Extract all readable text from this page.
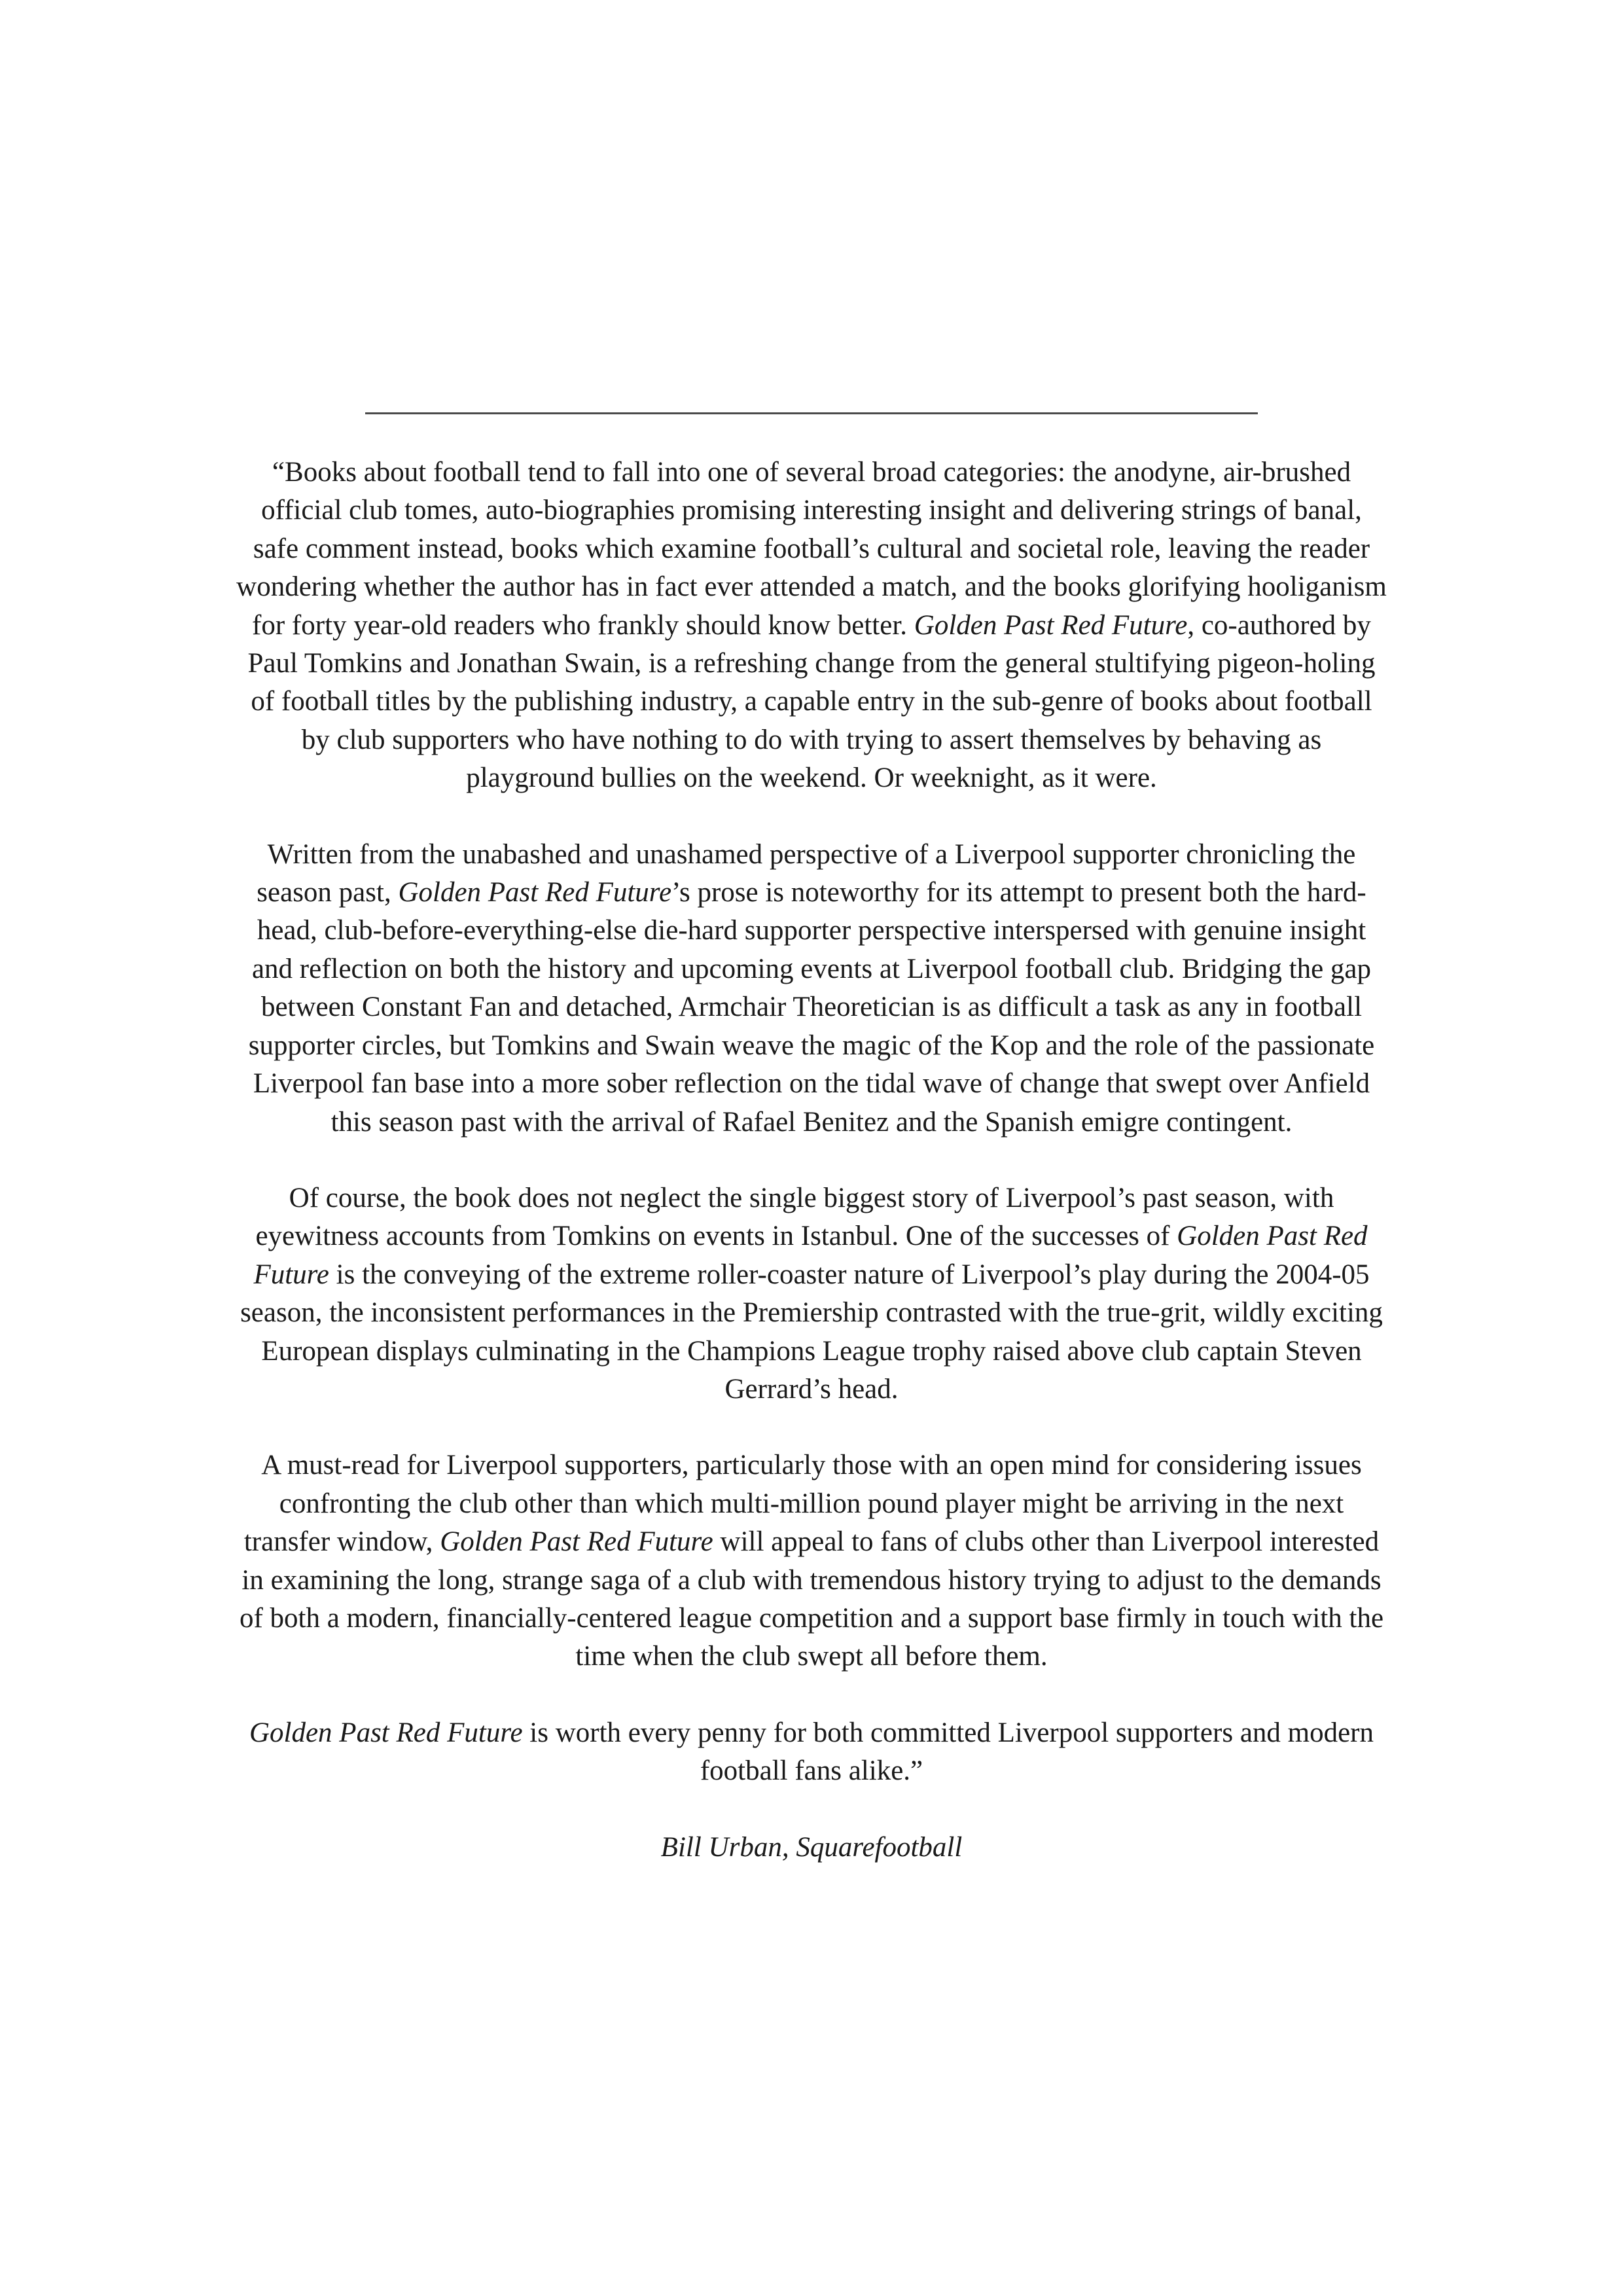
“Books about football tend to fall into one of several broad categories: the anodyne, air-brushed official club tomes, auto-biographies promising interesting insight and delivering strings of banal, safe comment instead, books which examine football’s cultural and societal role, leaving the reader wondering whether the author has in fact ever attended a match, and the books glorifying hooliganism for forty year-old readers who frankly should know better. Golden Past Red Future, co-authored by Paul Tomkins and Jonathan Swain, is a refreshing change from the general stultifying pigeon-holing of football titles by the publishing industry, a capable entry in the sub-genre of books about football by club supporters who have nothing to do with trying to assert themselves by behaving as playground bullies on the weekend. Or weeknight, as it were.

Written from the unabashed and unashamed perspective of a Liverpool supporter chronicling the season past, Golden Past Red Future’s prose is noteworthy for its attempt to present both the hard-head, club-before-everything-else die-hard supporter perspective interspersed with genuine insight and reflection on both the history and upcoming events at Liverpool football club. Bridging the gap between Constant Fan and detached, Armchair Theoretician is as difficult a task as any in football supporter circles, but Tomkins and Swain weave the magic of the Kop and the role of the passionate Liverpool fan base into a more sober reflection on the tidal wave of change that swept over Anfield this season past with the arrival of Rafael Benitez and the Spanish emigre contingent.

Of course, the book does not neglect the single biggest story of Liverpool’s past season, with eyewitness accounts from Tomkins on events in Istanbul. One of the successes of Golden Past Red Future is the conveying of the extreme roller-coaster nature of Liverpool’s play during the 2004-05 season, the inconsistent performances in the Premiership contrasted with the true-grit, wildly exciting European displays culminating in the Champions League trophy raised above club captain Steven Gerrard’s head.

A must-read for Liverpool supporters, particularly those with an open mind for considering issues confronting the club other than which multi-million pound player might be arriving in the next transfer window, Golden Past Red Future will appeal to fans of clubs other than Liverpool interested in examining the long, strange saga of a club with tremendous history trying to adjust to the demands of both a modern, financially-centered league competition and a support base firmly in touch with the time when the club swept all before them.

Golden Past Red Future is worth every penny for both committed Liverpool supporters and modern football fans alike.”

Bill Urban, Squarefootball
